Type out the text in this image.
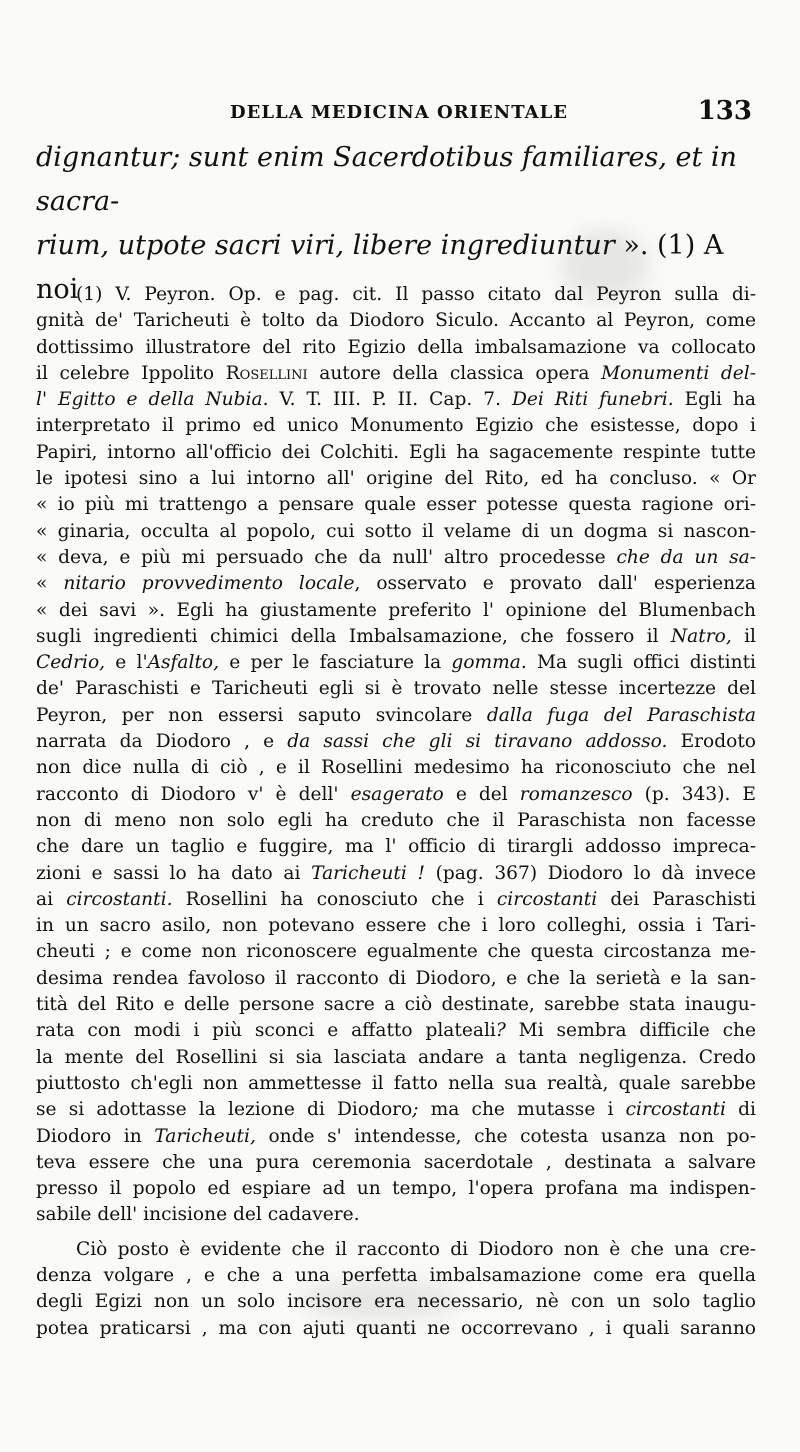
DELLA MEDICINA ORIENTALE	133
dignantur; sunt enim Sacerdotibus familiares, et in sacra-
rium, utpote sacri viri, libere ingrediuntur ». (1) A noi
(1) V. Peyron. Op. e pag. cit. Il passo citato dal Peyron sulla di-
gnità de' Taricheuti è tolto da Diodoro Siculo. Accanto al Peyron, come
dottissimo illustratore del rito Egizio della imbalsamazione va collocato
il celebre Ippolito Rosellini autore della classica opera Monumenti del-
l' Egitto e della Nubia. V. T. III. P. II. Cap. 7. Dei Riti funebri. Egli ha
interpretato il primo ed unico Monumento Egizio che esistesse, dopo i
Papiri, intorno all'officio dei Colchiti. Egli ha sagacemente respinte tutte
le ipotesi sino a lui intorno all' origine del Rito, ed ha concluso. « Or
« io più mi trattengo a pensare quale esser potesse questa ragione ori-
« ginaria, occulta al popolo, cui sotto il velame di un dogma si nascon-
« deva, e più mi persuado che da null' altro procedesse che da un sa-
« nitario provvedimento locale, osservato e provato dall' esperienza
« dei savi ». Egli ha giustamente preferito l' opinione del Blumenbach
sugli ingredienti chimici della Imbalsamazione, che fossero il Natro, il
Cedrio, e l'Asfalto, e per le fasciature la gomma. Ma sugli offici distinti
de' Paraschisti e Taricheuti egli si è trovato nelle stesse incertezze del
Peyron, per non essersi saputo svincolare dalla fuga del Paraschista
narrata da Diodoro , e da sassi che gli si tiravano addosso. Erodoto
non dice nulla di ciò , e il Rosellini medesimo ha riconosciuto che nel
racconto di Diodoro v' è dell' esagerato e del romanzesco (p. 343). E
non di meno non solo egli ha creduto che il Paraschista non facesse
che dare un taglio e fuggire, ma l' officio di tirargli addosso impreca-
zioni e sassi lo ha dato ai Taricheuti ! (pag. 367) Diodoro lo dà invece
ai circostanti. Rosellini ha conosciuto che i circostanti dei Paraschisti
in un sacro asilo, non potevano essere che i loro colleghi, ossia i Tari-
cheuti ; e come non riconoscere egualmente che questa circostanza me-
desima rendea favoloso il racconto di Diodoro, e che la serietà e la san-
tità del Rito e delle persone sacre a ciò destinate, sarebbe stata inaugu-
rata con modi i più sconci e affatto plateali? Mi sembra difficile che
la mente del Rosellini si sia lasciata andare a tanta negligenza. Credo
piuttosto ch'egli non ammettesse il fatto nella sua realtà, quale sarebbe
se si adottasse la lezione di Diodoro; ma che mutasse i circostanti di
Diodoro in Taricheuti, onde s' intendesse, che cotesta usanza non po-
teva essere che una pura ceremonia sacerdotale , destinata a salvare
presso il popolo ed espiare ad un tempo, l'opera profana ma indispen-
sabile dell' incisione del cadavere.
Ciò posto è evidente che il racconto di Diodoro non è che una cre-
denza volgare , e che a una perfetta imbalsamazione come era quella
degli Egizi non un solo incisore era necessario, nè con un solo taglio
potea praticarsi , ma con ajuti quanti ne occorrevano , i quali saranno
